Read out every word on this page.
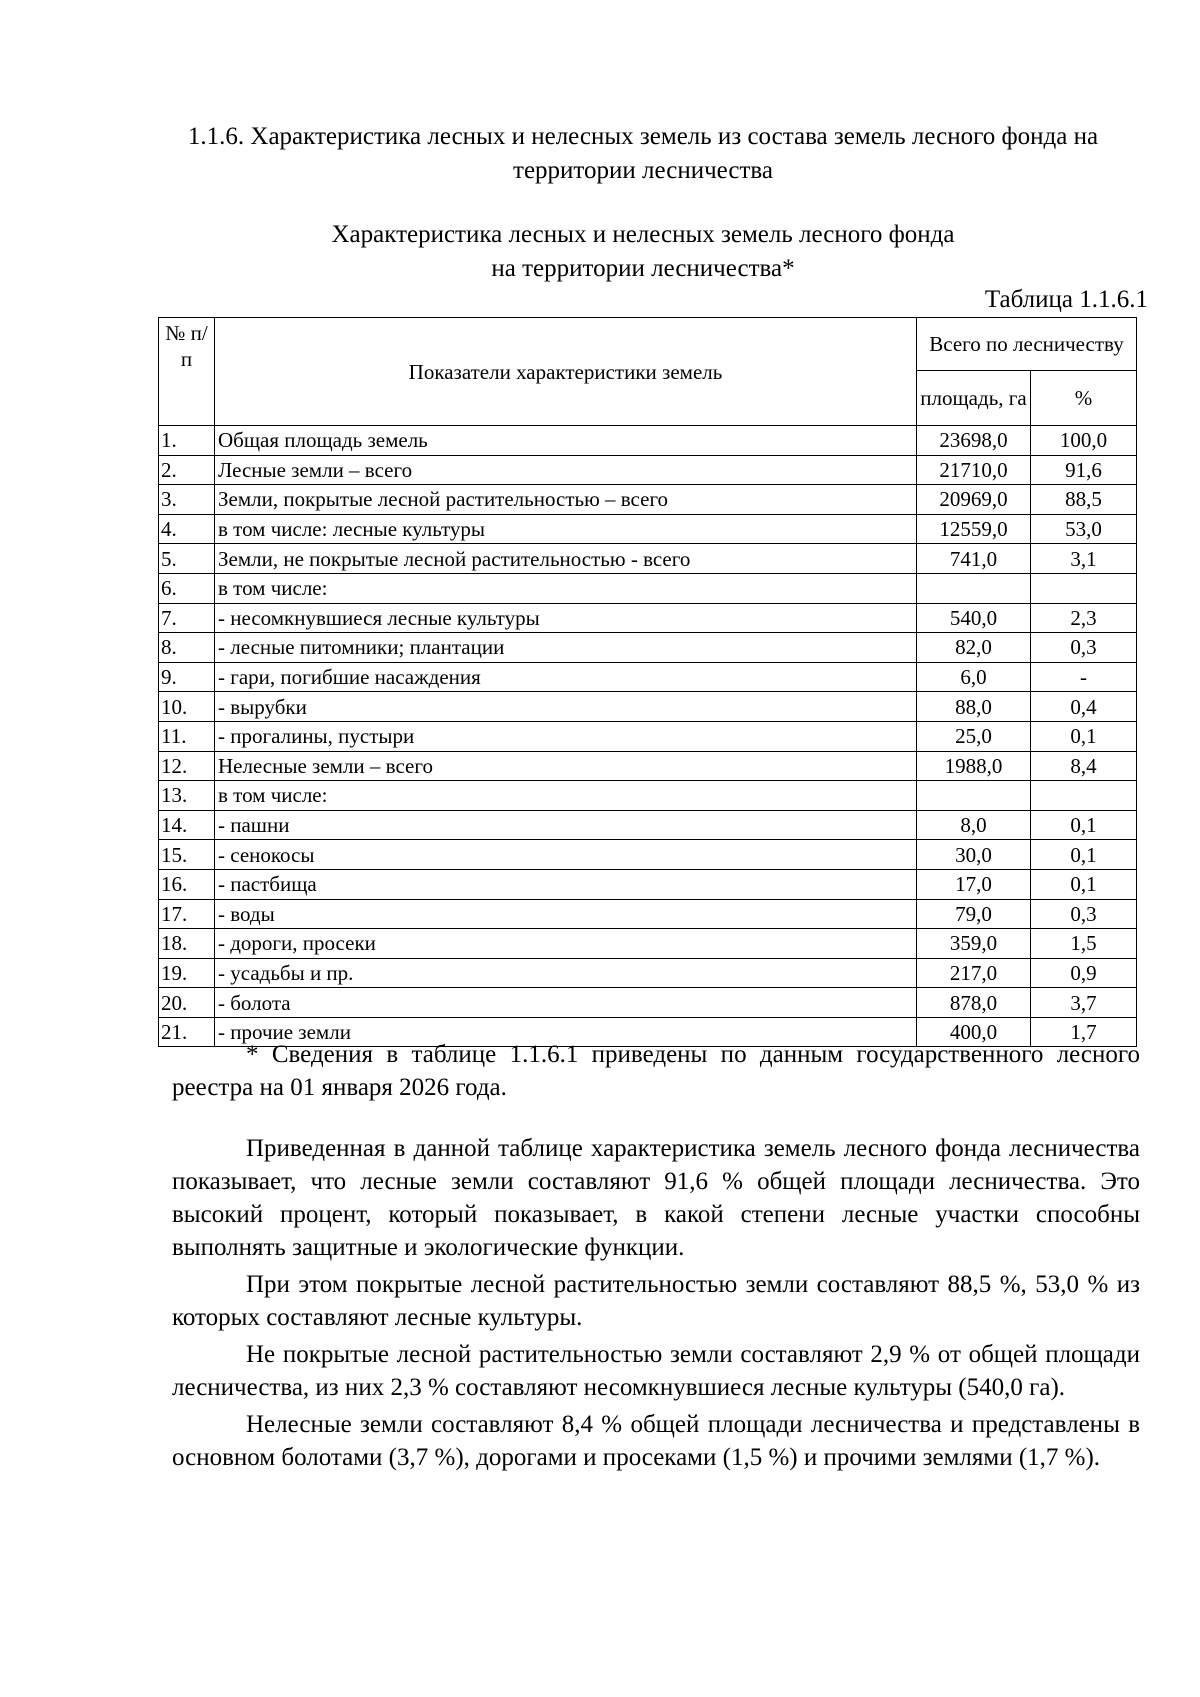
1.1.6. Характеристика лесных и нелесных земель из состава земель лесного фонда на территории лесничества
Характеристика лесных и нелесных земель лесного фонда
на территории лесничества*
Таблица 1.1.6.1
№ п/п	Показатели характеристики земель	Всего по лесничеству	
		площадь, га	%
1.	Общая площадь земель	23698,0	100,0
2.	Лесные земли – всего	21710,0	91,6
3.	Земли, покрытые лесной растительностью – всего	20969,0	88,5
4.	в том числе: лесные культуры	12559,0	53,0
5.	Земли, не покрытые лесной растительностью - всего	741,0	3,1
6.	в том числе:		
7.	- несомкнувшиеся лесные культуры	540,0	2,3
8.	- лесные питомники; плантации	82,0	0,3
9.	- гари, погибшие насаждения	6,0	-
10.	- вырубки	88,0	0,4
11.	- прогалины, пустыри	25,0	0,1
12.	Нелесные земли – всего	1988,0	8,4
13.	в том числе:		
14.	- пашни	8,0	0,1
15.	- сенокосы	30,0	0,1
16.	- пастбища	17,0	0,1
17.	- воды	79,0	0,3
18.	- дороги, просеки	359,0	1,5
19.	- усадьбы и пр.	217,0	0,9
20.	- болота	878,0	3,7
21.	- прочие земли	400,0	1,7

* Сведения в таблице 1.1.6.1 приведены по данным государственного лесного реестра на 01 января 2026 года.

Приведенная в данной таблице характеристика земель лесного фонда лесничества показывает, что лесные земли составляют 91,6 % общей площади лесничества. Это высокий процент, который показывает, в какой степени лесные участки способны выполнять защитные и экологические функции.

При этом покрытые лесной растительностью земли составляют 88,5 %, 53,0 % из которых составляют лесные культуры.

Не покрытые лесной растительностью земли составляют 2,9 % от общей площади лесничества, из них 2,3 % составляют несомкнувшиеся лесные культуры (540,0 га).

Нелесные земли составляют 8,4 % общей площади лесничества и представлены в основном болотами (3,7 %), дорогами и просеками (1,5 %) и прочими землями (1,7 %).
